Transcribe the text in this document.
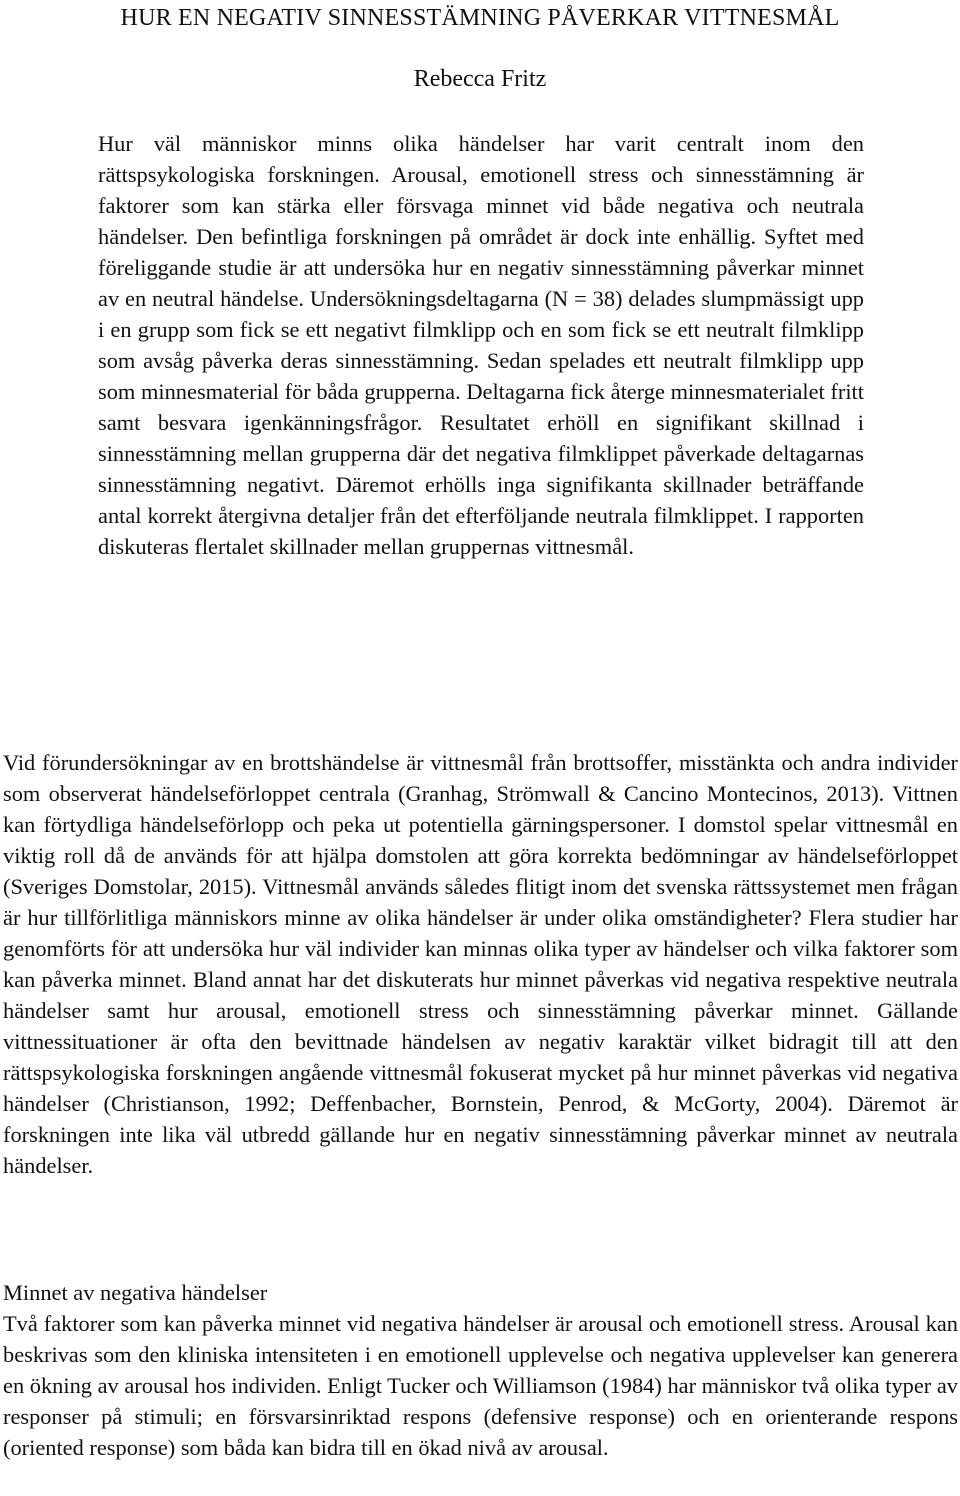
HUR EN NEGATIV SINNESSTÄMNING PÅVERKAR VITTNESMÅL
Rebecca Fritz

Hur väl människor minns olika händelser har varit centralt inom den rättspsykologiska forskningen. Arousal, emotionell stress och sinnesstämning är faktorer som kan stärka eller försvaga minnet vid både negativa och neutrala händelser. Den befintliga forskningen på området är dock inte enhällig. Syftet med föreliggande studie är att undersöka hur en negativ sinnesstämning påverkar minnet av en neutral händelse. Undersökningsdeltagarna (N = 38) delades slumpmässigt upp i en grupp som fick se ett negativt filmklipp och en som fick se ett neutralt filmklipp som avsåg påverka deras sinnesstämning. Sedan spelades ett neutralt filmklipp upp som minnesmaterial för båda grupperna. Deltagarna fick återge minnesmaterialet fritt samt besvara igenkänningsfrågor. Resultatet erhöll en signifikant skillnad i sinnesstämning mellan grupperna där det negativa filmklippet påverkade deltagarnas sinnesstämning negativt. Däremot erhölls inga signifikanta skillnader beträffande antal korrekt återgivna detaljer från det efterföljande neutrala filmklippet. I rapporten diskuteras flertalet skillnader mellan gruppernas vittnesmål.

Vid förundersökningar av en brottshändelse är vittnesmål från brottsoffer, misstänkta och andra individer som observerat händelseförloppet centrala (Granhag, Strömwall & Cancino Montecinos, 2013). Vittnen kan förtydliga händelseförlopp och peka ut potentiella gärningspersoner. I domstol spelar vittnesmål en viktig roll då de används för att hjälpa domstolen att göra korrekta bedömningar av händelseförloppet (Sveriges Domstolar, 2015). Vittnesmål används således flitigt inom det svenska rättssystemet men frågan är hur tillförlitliga människors minne av olika händelser är under olika omständigheter? Flera studier har genomförts för att undersöka hur väl individer kan minnas olika typer av händelser och vilka faktorer som kan påverka minnet. Bland annat har det diskuterats hur minnet påverkas vid negativa respektive neutrala händelser samt hur arousal, emotionell stress och sinnesstämning påverkar minnet. Gällande vittnessituationer är ofta den bevittnade händelsen av negativ karaktär vilket bidragit till att den rättspsykologiska forskningen angående vittnesmål fokuserat mycket på hur minnet påverkas vid negativa händelser (Christianson, 1992; Deffenbacher, Bornstein, Penrod, & McGorty, 2004). Däremot är forskningen inte lika väl utbredd gällande hur en negativ sinnesstämning påverkar minnet av neutrala händelser.

Minnet av negativa händelser

Två faktorer som kan påverka minnet vid negativa händelser är arousal och emotionell stress. Arousal kan beskrivas som den kliniska intensiteten i en emotionell upplevelse och negativa upplevelser kan generera en ökning av arousal hos individen. Enligt Tucker och Williamson (1984) har människor två olika typer av responser på stimuli; en försvarsinriktad respons (defensive response) och en orienterande respons (oriented response) som båda kan bidra till en ökad nivå av arousal.
